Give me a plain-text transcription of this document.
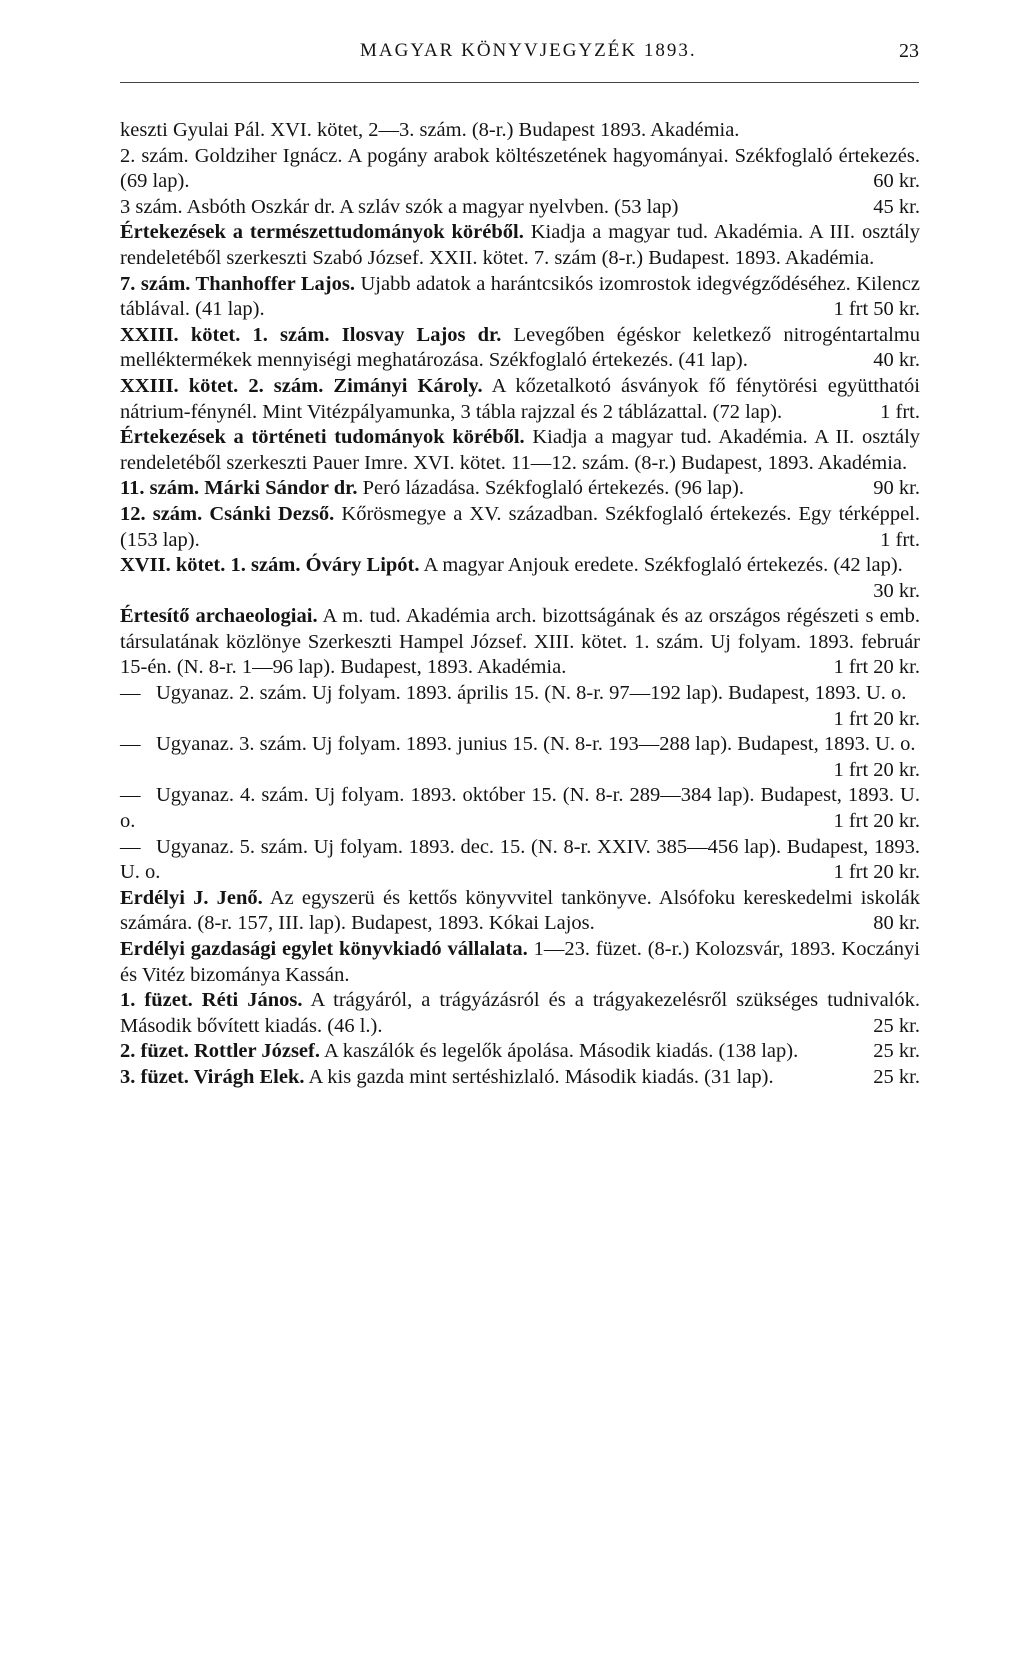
MAGYAR KÖNYVJEGYZÉK 1893.	23
keszti Gyulai Pál. XVI. kötet, 2—3. szám. (8-r.) Budapest 1893. Akadémia.
2. szám. Goldziher Ignácz. A pogány arabok költészetének hagyományai. Székfoglaló értekezés. (69 lap).	60 kr.
3 szám. Asbóth Oszkár dr. A szláv szók a magyar nyelvben. (53 lap)	45 kr.
Értekezések a természettudományok köréből. Kiadja a magyar tud. Akadémia. A III. osztály rendeletéből szerkeszti Szabó József. XXII. kötet. 7. szám (8-r.) Budapest. 1893. Akadémia.
7. szám. Thanhoffer Lajos. Ujabb adatok a harántcsikós izomrostok idegvégződéséhez. Kilencz táblával. (41 lap).	1 frt 50 kr.
XXIII. kötet. 1. szám. Ilosvay Lajos dr. Levegőben égéskor keletkező nitrogéntartalmu melléktermékek mennyiségi meghatározása. Székfoglaló értekezés. (41 lap).	40 kr.
XXIII. kötet. 2. szám. Zimányi Károly. A kőzetalkotó ásványok fő fénytörési együtthatói nátrium-fénynél. Mint Vitézpályamunka, 3 tábla rajzzal és 2 táblázattal. (72 lap).	1 frt.
Értekezések a történeti tudományok köréből. Kiadja a magyar tud. Akadémia. A II. osztály rendeletéből szerkeszti Pauer Imre. XVI. kötet. 11—12. szám. (8-r.) Budapest, 1893. Akadémia.
11. szám. Márki Sándor dr. Peró lázadása. Székfoglaló értekezés. (96 lap).	90 kr.
12. szám. Csánki Dezső. Kőrösmegye a XV. században. Székfoglaló értekezés. Egy térképpel. (153 lap).	1 frt.
XVII. kötet. 1. szám. Óváry Lipót. A magyar Anjouk eredete. Székfoglaló értekezés. (42 lap).
30 kr.
Értesítő archaeologiai. A m. tud. Akadémia arch. bizottságának és az országos régészeti s emb. társulatának közlönye Szerkeszti Hampel József. XIII. kötet. 1. szám. Uj folyam. 1893. február 15-én. (N. 8-r. 1—96 lap). Budapest, 1893. Akadémia.	1 frt 20 kr.
— Ugyanaz. 2. szám. Uj folyam. 1893. április 15. (N. 8-r. 97—192 lap). Budapest, 1893. U. o.
1 frt 20 kr.
— Ugyanaz. 3. szám. Uj folyam. 1893. junius 15. (N. 8-r. 193—288 lap). Budapest, 1893. U. o.
1 frt 20 kr.
— Ugyanaz. 4. szám. Uj folyam. 1893. október 15. (N. 8-r. 289—384 lap). Budapest, 1893. U. o.	1 frt 20 kr.
— Ugyanaz. 5. szám. Uj folyam. 1893. dec. 15. (N. 8-r. XXIV. 385—456 lap). Budapest, 1893. U. o.	1 frt 20 kr.
Erdélyi J. Jenő. Az egyszerü és kettős könyvvitel tankönyve. Alsófoku kereskedelmi iskolák számára. (8-r. 157, III. lap). Budapest, 1893. Kókai Lajos.	80 kr.
Erdélyi gazdasági egylet könyvkiadó vállalata. 1—23. füzet. (8-r.) Kolozsvár, 1893. Koczányi és Vitéz bizománya Kassán.
1. füzet. Réti János. A trágyáról, a trágyázásról és a trágyakezelésről szükséges tudnivalók. Második bővített kiadás. (46 l.).	25 kr.
2. füzet. Rottler József. A kaszálók és legelők ápolása. Második kiadás. (138 lap).	25 kr.
3. füzet. Virágh Elek. A kis gazda mint sertéshizlaló. Második kiadás. (31 lap).	25 kr.
